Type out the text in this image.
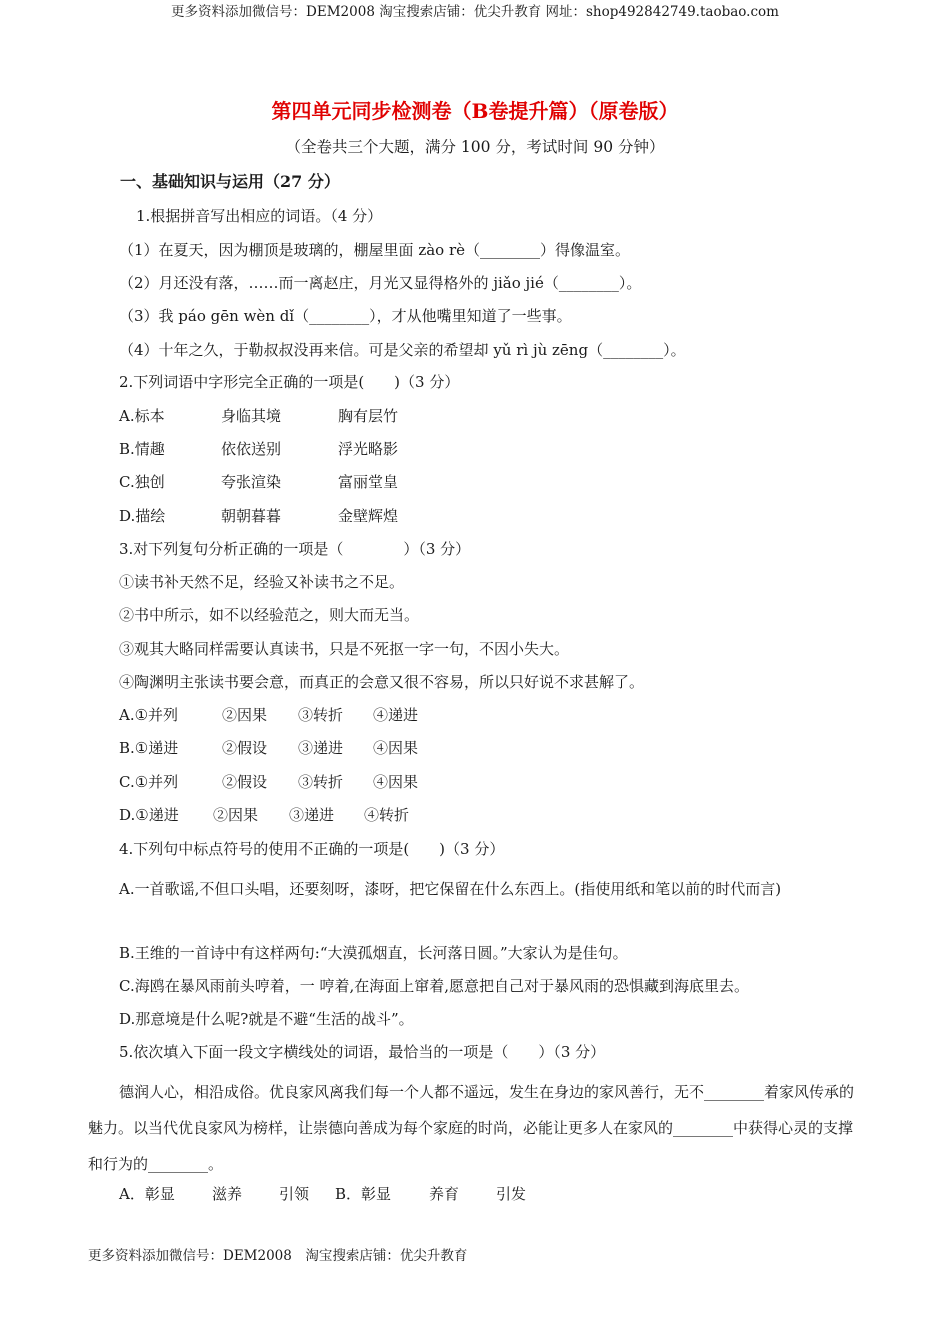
更多资料添加微信号：DEM2008 淘宝搜索店铺：优尖升教育 网址：shop492842749.taobao.com
第四单元同步检测卷（B卷提升篇）（原卷版）
（全卷共三个大题，满分 100 分，考试时间 90 分钟）
一、基础知识与运用（27 分）
1.根据拼音写出相应的词语。（4 分）
（1）在夏天，因为棚顶是玻璃的，棚屋里面 zào rè（________）得像温室。
（2）月还没有落，……而一离赵庄，月光又显得格外的 jiǎo jié（________）。
（3）我 páo gēn wèn dǐ（________），才从他嘴里知道了一些事。
（4）十年之久，于勒叔叔没再来信。可是父亲的希望却 yǔ rì jù zēng（________）。
2.下列词语中字形完全正确的一项是(　　)（3 分）
A.标本	身临其境	胸有层竹
B.情趣	依依送别	浮光略影
C.独创	夸张渲染	富丽堂皇
D.描绘	朝朝暮暮	金壁辉煌
3.对下列复句分析正确的一项是（　　　　）（3 分）
①读书补天然不足，经验又补读书之不足。
②书中所示，如不以经验范之，则大而无当。
③观其大略同样需要认真读书，只是不死抠一字一句，不因小失大。
④陶渊明主张读书要会意，而真正的会意又很不容易，所以只好说不求甚解了。
A.①并列	②因果 ③转折 ④递进
B.①递进	②假设 ③递进 ④因果
C.①并列	②假设 ③转折 ④因果
D.①递进 ②因果 ③递进 ④转折
4.下列句中标点符号的使用不正确的一项是(　　)（3 分）
A.一首歌谣,不但口头唱，还要刻呀，漆呀，把它保留在什么东西上。(指使用纸和笔以前的时代而言)
B.王维的一首诗中有这样两句:“大漠孤烟直，长河落日圆。”大家认为是佳句。
C.海鸥在暴风雨前头哼着，一 哼着,在海面上窜着,愿意把自己对于暴风雨的恐惧藏到海底里去。
D.那意境是什么呢?就是不避“生活的战斗”。
5.依次填入下面一段文字横线处的词语，最恰当的一项是（　　）（3 分）
德润人心，相沿成俗。优良家风离我们每一个人都不遥远，发生在身边的家风善行，无不________着家风传承的魅力。以当代优良家风为榜样，让崇德向善成为每个家庭的时尚，必能让更多人在家风的________中获得心灵的支撑和行为的________。
A．彰显 滋养 引领 B．彰显	养育 引发
更多资料添加微信号：DEM2008　淘宝搜索店铺：优尖升教育
